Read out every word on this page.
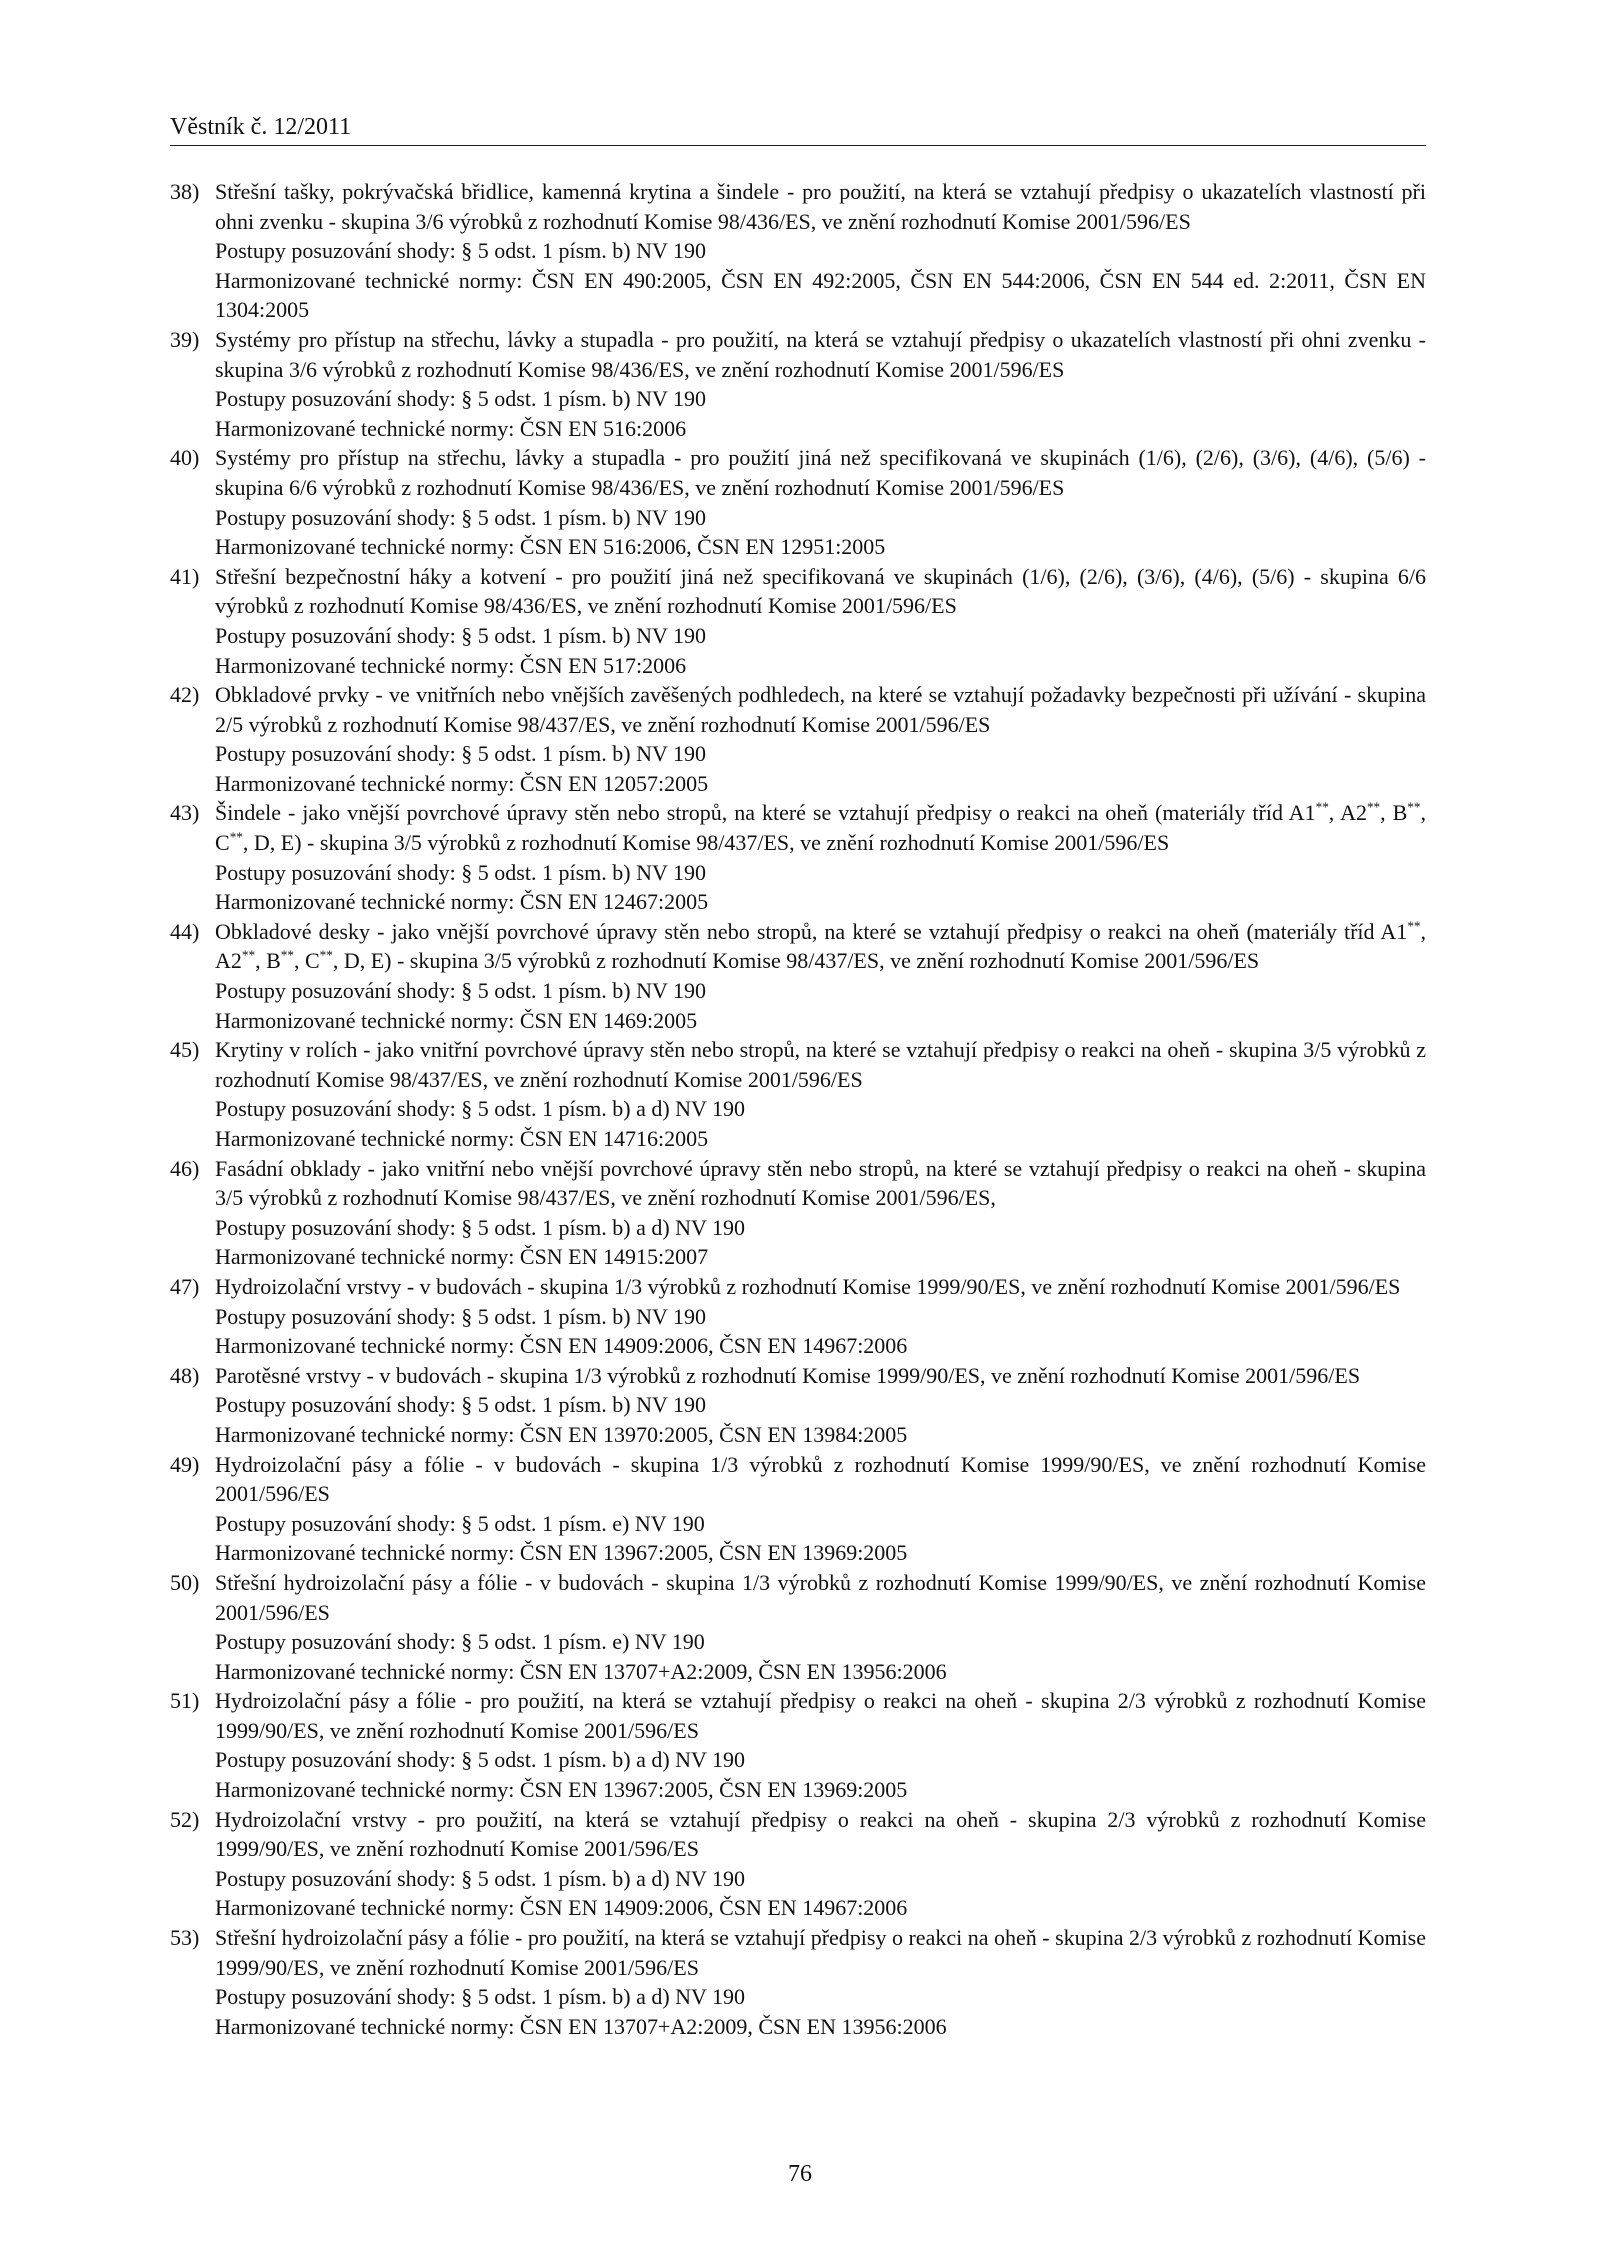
Věstník č. 12/2011
38) Střešní tašky, pokrývačská břidlice, kamenná krytina a šindele - pro použití, na která se vztahují předpisy o ukazatelích vlastností při ohni zvenku - skupina 3/6 výrobků z rozhodnutí Komise 98/436/ES, ve znění rozhodnutí Komise 2001/596/ES
Postupy posuzování shody: § 5 odst. 1 písm. b) NV 190
Harmonizované technické normy: ČSN EN 490:2005, ČSN EN 492:2005, ČSN EN 544:2006, ČSN EN 544 ed. 2:2011, ČSN EN 1304:2005
39) Systémy pro přístup na střechu, lávky a stupadla - pro použití, na která se vztahují předpisy o ukazatelích vlastností při ohni zvenku - skupina 3/6 výrobků z rozhodnutí Komise 98/436/ES, ve znění rozhodnutí Komise 2001/596/ES
Postupy posuzování shody: § 5 odst. 1 písm. b) NV 190
Harmonizované technické normy: ČSN EN 516:2006
40) Systémy pro přístup na střechu, lávky a stupadla - pro použití jiná než specifikovaná ve skupinách (1/6), (2/6), (3/6), (4/6), (5/6) - skupina 6/6 výrobků z rozhodnutí Komise 98/436/ES, ve znění rozhodnutí Komise 2001/596/ES
Postupy posuzování shody: § 5 odst. 1 písm. b) NV 190
Harmonizované technické normy: ČSN EN 516:2006, ČSN EN 12951:2005
41) Střešní bezpečnostní háky a kotvení - pro použití jiná než specifikovaná ve skupinách (1/6), (2/6), (3/6), (4/6), (5/6) - skupina 6/6 výrobků z rozhodnutí Komise 98/436/ES, ve znění rozhodnutí Komise 2001/596/ES
Postupy posuzování shody: § 5 odst. 1 písm. b) NV 190
Harmonizované technické normy: ČSN EN 517:2006
42) Obkladové prvky - ve vnitřních nebo vnějších zavěšených podhledech, na které se vztahují požadavky bezpečnosti při užívání - skupina 2/5 výrobků z rozhodnutí Komise 98/437/ES, ve znění rozhodnutí Komise 2001/596/ES
Postupy posuzování shody: § 5 odst. 1 písm. b) NV 190
Harmonizované technické normy: ČSN EN 12057:2005
43) Šindele - jako vnější povrchové úpravy stěn nebo stropů, na které se vztahují předpisy o reakci na oheň (materiály tříd A1**, A2**, B**, C**, D, E) - skupina 3/5 výrobků z rozhodnutí Komise 98/437/ES, ve znění rozhodnutí Komise 2001/596/ES
Postupy posuzování shody: § 5 odst. 1 písm. b) NV 190
Harmonizované technické normy: ČSN EN 12467:2005
44) Obkladové desky - jako vnější povrchové úpravy stěn nebo stropů, na které se vztahují předpisy o reakci na oheň (materiály tříd A1**, A2**, B**, C**, D, E) - skupina 3/5 výrobků z rozhodnutí Komise 98/437/ES, ve znění rozhodnutí Komise 2001/596/ES
Postupy posuzování shody: § 5 odst. 1 písm. b) NV 190
Harmonizované technické normy: ČSN EN 1469:2005
45) Krytiny v rolích - jako vnitřní povrchové úpravy stěn nebo stropů, na které se vztahují předpisy o reakci na oheň - skupina 3/5 výrobků z rozhodnutí Komise 98/437/ES, ve znění rozhodnutí Komise 2001/596/ES
Postupy posuzování shody: § 5 odst. 1 písm. b) a d) NV 190
Harmonizované technické normy: ČSN EN 14716:2005
46) Fasádní obklady - jako vnitřní nebo vnější povrchové úpravy stěn nebo stropů, na které se vztahují předpisy o reakci na oheň - skupina 3/5 výrobků z rozhodnutí Komise 98/437/ES, ve znění rozhodnutí Komise 2001/596/ES,
Postupy posuzování shody: § 5 odst. 1 písm. b) a d) NV 190
Harmonizované technické normy: ČSN EN 14915:2007
47) Hydroizolační vrstvy - v budovách - skupina 1/3 výrobků z rozhodnutí Komise 1999/90/ES, ve znění rozhodnutí Komise 2001/596/ES
Postupy posuzování shody: § 5 odst. 1 písm. b) NV 190
Harmonizované technické normy: ČSN EN 14909:2006, ČSN EN 14967:2006
48) Parotěsné vrstvy - v budovách - skupina 1/3 výrobků z rozhodnutí Komise 1999/90/ES, ve znění rozhodnutí Komise 2001/596/ES
Postupy posuzování shody: § 5 odst. 1 písm. b) NV 190
Harmonizované technické normy: ČSN EN 13970:2005, ČSN EN 13984:2005
49) Hydroizolační pásy a fólie - v budovách - skupina 1/3 výrobků z rozhodnutí Komise 1999/90/ES, ve znění rozhodnutí Komise 2001/596/ES
Postupy posuzování shody: § 5 odst. 1 písm. e) NV 190
Harmonizované technické normy: ČSN EN 13967:2005, ČSN EN 13969:2005
50) Střešní hydroizolační pásy a fólie - v budovách - skupina 1/3 výrobků z rozhodnutí Komise 1999/90/ES, ve znění rozhodnutí Komise 2001/596/ES
Postupy posuzování shody: § 5 odst. 1 písm. e) NV 190
Harmonizované technické normy: ČSN EN 13707+A2:2009, ČSN EN 13956:2006
51) Hydroizolační pásy a fólie - pro použití, na která se vztahují předpisy o reakci na oheň - skupina 2/3 výrobků z rozhodnutí Komise 1999/90/ES, ve znění rozhodnutí Komise 2001/596/ES
Postupy posuzování shody: § 5 odst. 1 písm. b) a d) NV 190
Harmonizované technické normy: ČSN EN 13967:2005, ČSN EN 13969:2005
52) Hydroizolační vrstvy - pro použití, na která se vztahují předpisy o reakci na oheň - skupina 2/3 výrobků z rozhodnutí Komise 1999/90/ES, ve znění rozhodnutí Komise 2001/596/ES
Postupy posuzování shody: § 5 odst. 1 písm. b) a d) NV 190
Harmonizované technické normy: ČSN EN 14909:2006, ČSN EN 14967:2006
53) Střešní hydroizolační pásy a fólie - pro použití, na která se vztahují předpisy o reakci na oheň - skupina 2/3 výrobků z rozhodnutí Komise 1999/90/ES, ve znění rozhodnutí Komise 2001/596/ES
Postupy posuzování shody: § 5 odst. 1 písm. b) a d) NV 190
Harmonizované technické normy: ČSN EN 13707+A2:2009, ČSN EN 13956:2006
76
